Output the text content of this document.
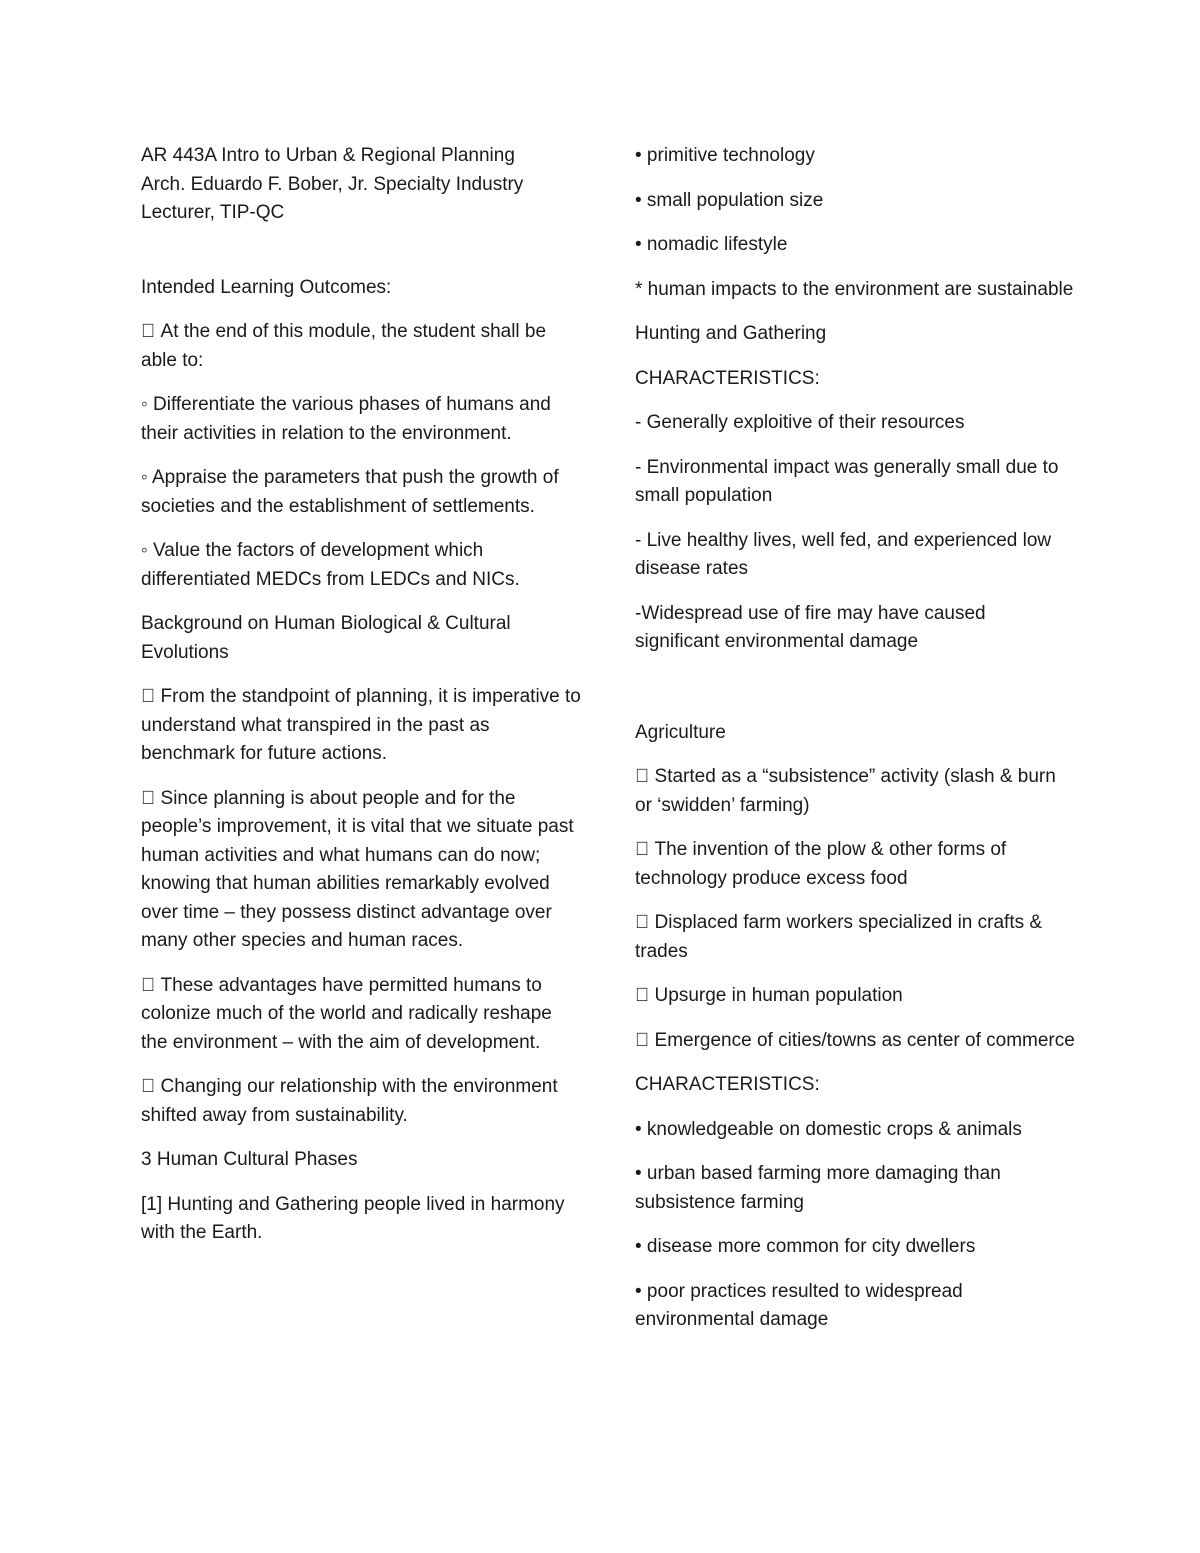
AR 443A Intro to Urban & Regional Planning
Arch. Eduardo F. Bober, Jr. Specialty Industry
Lecturer, TIP-QC

Intended Learning Outcomes:

At the end of this module, the student shall be able to:

◦ Differentiate the various phases of humans and their activities in relation to the environment.

◦ Appraise the parameters that push the growth of societies and the establishment of settlements.

◦ Value the factors of development which differentiated MEDCs from LEDCs and NICs.

Background on Human Biological & Cultural Evolutions

From the standpoint of planning, it is imperative to understand what transpired in the past as benchmark for future actions.

Since planning is about people and for the people’s improvement, it is vital that we situate past human activities and what humans can do now; knowing that human abilities remarkably evolved over time – they possess distinct advantage over many other species and human races.

These advantages have permitted humans to colonize much of the world and radically reshape the environment – with the aim of development.

Changing our relationship with the environment shifted away from sustainability.

3 Human Cultural Phases

[1] Hunting and Gathering people lived in harmony with the Earth.

• primitive technology

• small population size

• nomadic lifestyle

* human impacts to the environment are sustainable

Hunting and Gathering

CHARACTERISTICS:

- Generally exploitive of their resources

- Environmental impact was generally small due to small population

- Live healthy lives, well fed, and experienced low disease rates

-Widespread use of fire may have caused significant environmental damage

Agriculture

Started as a “subsistence” activity (slash & burn or ‘swidden’ farming)

The invention of the plow & other forms of technology produce excess food

Displaced farm workers specialized in crafts & trades

Upsurge in human population

Emergence of cities/towns as center of commerce

CHARACTERISTICS:

• knowledgeable on domestic crops & animals

• urban based farming more damaging than subsistence farming

• disease more common for city dwellers

• poor practices resulted to widespread environmental damage
